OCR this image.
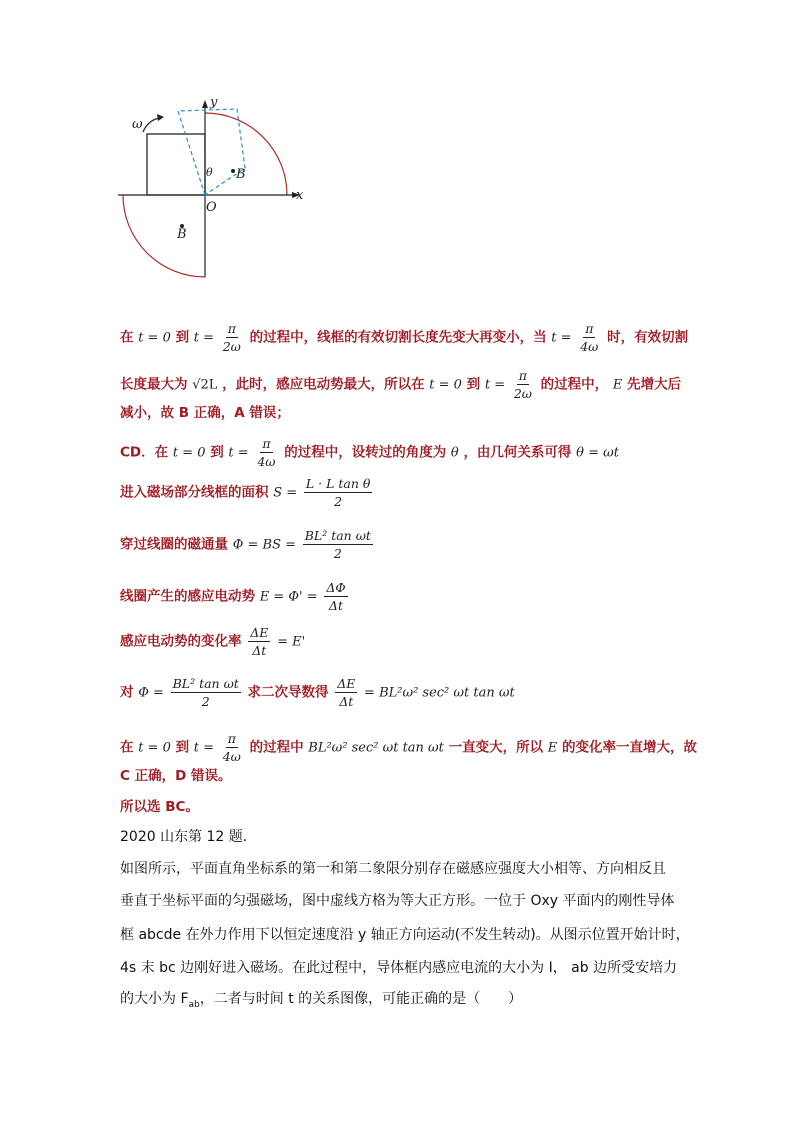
y
x
O
ω
θ B
B
在 t = 0 到 $t = \frac{\pi}{2\omega}$ 的过程中，线框的有效切割长度先变大再变小，当 $t = \frac{\pi}{4\omega}$ 时，有效切割
长度最大为 √2L ，此时，感应电动势最大，所以在 t = 0 到 $t = \frac{\pi}{2\omega}$ 的过程中， E 先增大后
减小，故 B 正确，A 错误；
CD．在 t = 0 到 $t = \frac{\pi}{4\omega}$ 的过程中，设转过的角度为 θ ，由几何关系可得 θ = ωt
进入磁场部分线框的面积 $S = \frac{\text{L · L tan θ}}{2}$
穿过线圈的磁通量 Φ = BS = $\frac{\text{BL² tan ωt}}{2}$
线圈产生的感应电动势 $E = \Phi' = \frac{\Delta\Phi}{\Delta t}$
感应电动势的变化率 $\frac{\Delta E}{\Delta t} = E'$
对 $\Phi = \frac{\text{BL² tan ωt}}{2}$ 求二次导数得 $\frac{\Delta E}{\Delta t} = BL^2\omega^2$ sec² ωt tan ωt
在 t = 0 到 $t = \frac{\pi}{4\omega}$ 的过程中 BL²ω² sec² ωt tan ωt 一直变大，所以 E 的变化率一直增大，故
C 正确，D 错误。
所以选 BC。
2020 山东第 12 题.
如图所示，平面直角坐标系的第一和第二象限分别存在磁感应强度大小相等、方向相反且
垂直于坐标平面的匀强磁场，图中虚线方格为等大正方形。一位于 Oxy 平面内的刚性导体
框 abcde 在外力作用下以恒定速度沿 y 轴正方向运动(不发生转动)。从图示位置开始计时，
4s 末 bc 边刚好进入磁场。在此过程中，导体框内感应电流的大小为 I， ab 边所受安培力
的大小为 $F_{ab}$，二者与时间 t 的关系图像，可能正确的是（　　）
